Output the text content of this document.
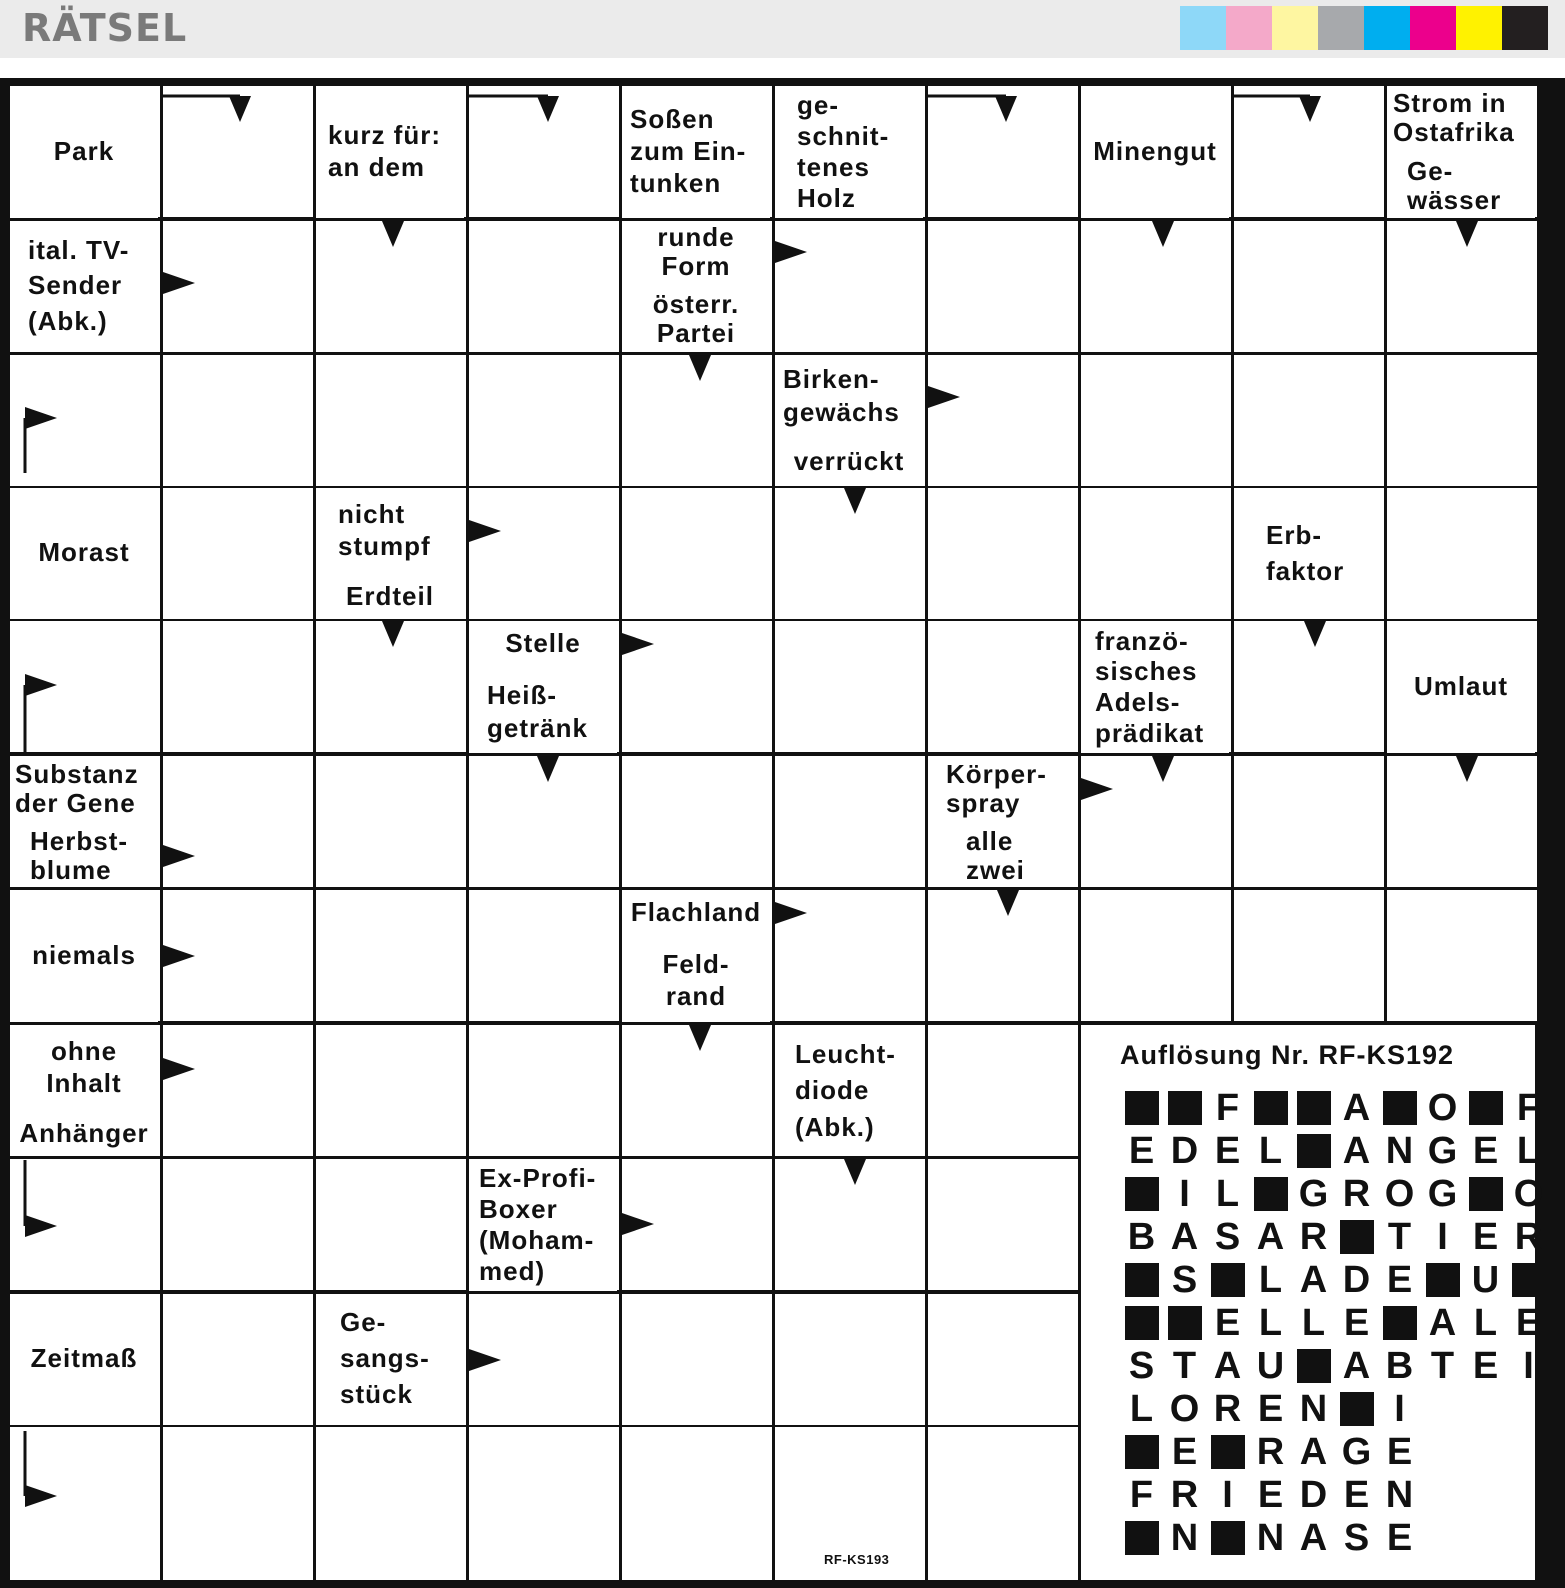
RÄTSEL
Park
kurz für:
an dem
Soßen
zum Ein-
tunken
ge-
schnit-
tenes
Holz
Minengut
Strom in
Ostafrika
Ge-
wässer
ital. TV-
Sender
(Abk.)
runde
Form
österr.
Partei
Birken-
gewächs
verrückt
Morast
nicht
stumpf
Erdteil
Erb-
faktor
Stelle
Heiß-
getränk
franzö-
sisches
Adels-
prädikat
Umlaut
Substanz
der Gene
Herbst-
blume
Körper-
spray
alle
zwei
niemals
Flachland
Feld-
rand
ohne
Inhalt
Anhänger
Leucht-
diode
(Abk.)
Ex-Profi-
Boxer
(Moham-
med)
Zeitmaß
Ge-
sangs-
stück
Auflösung Nr. RF-KS192
F	A O F
E D E L A N G E L
I L G R O G O
B A S A R T I E R
S L A D E U
E L L E A L E
S T A U A B T E I
L O R E N	I
E R A G E
F R I E D E N
N N A S E
RF-KS193
